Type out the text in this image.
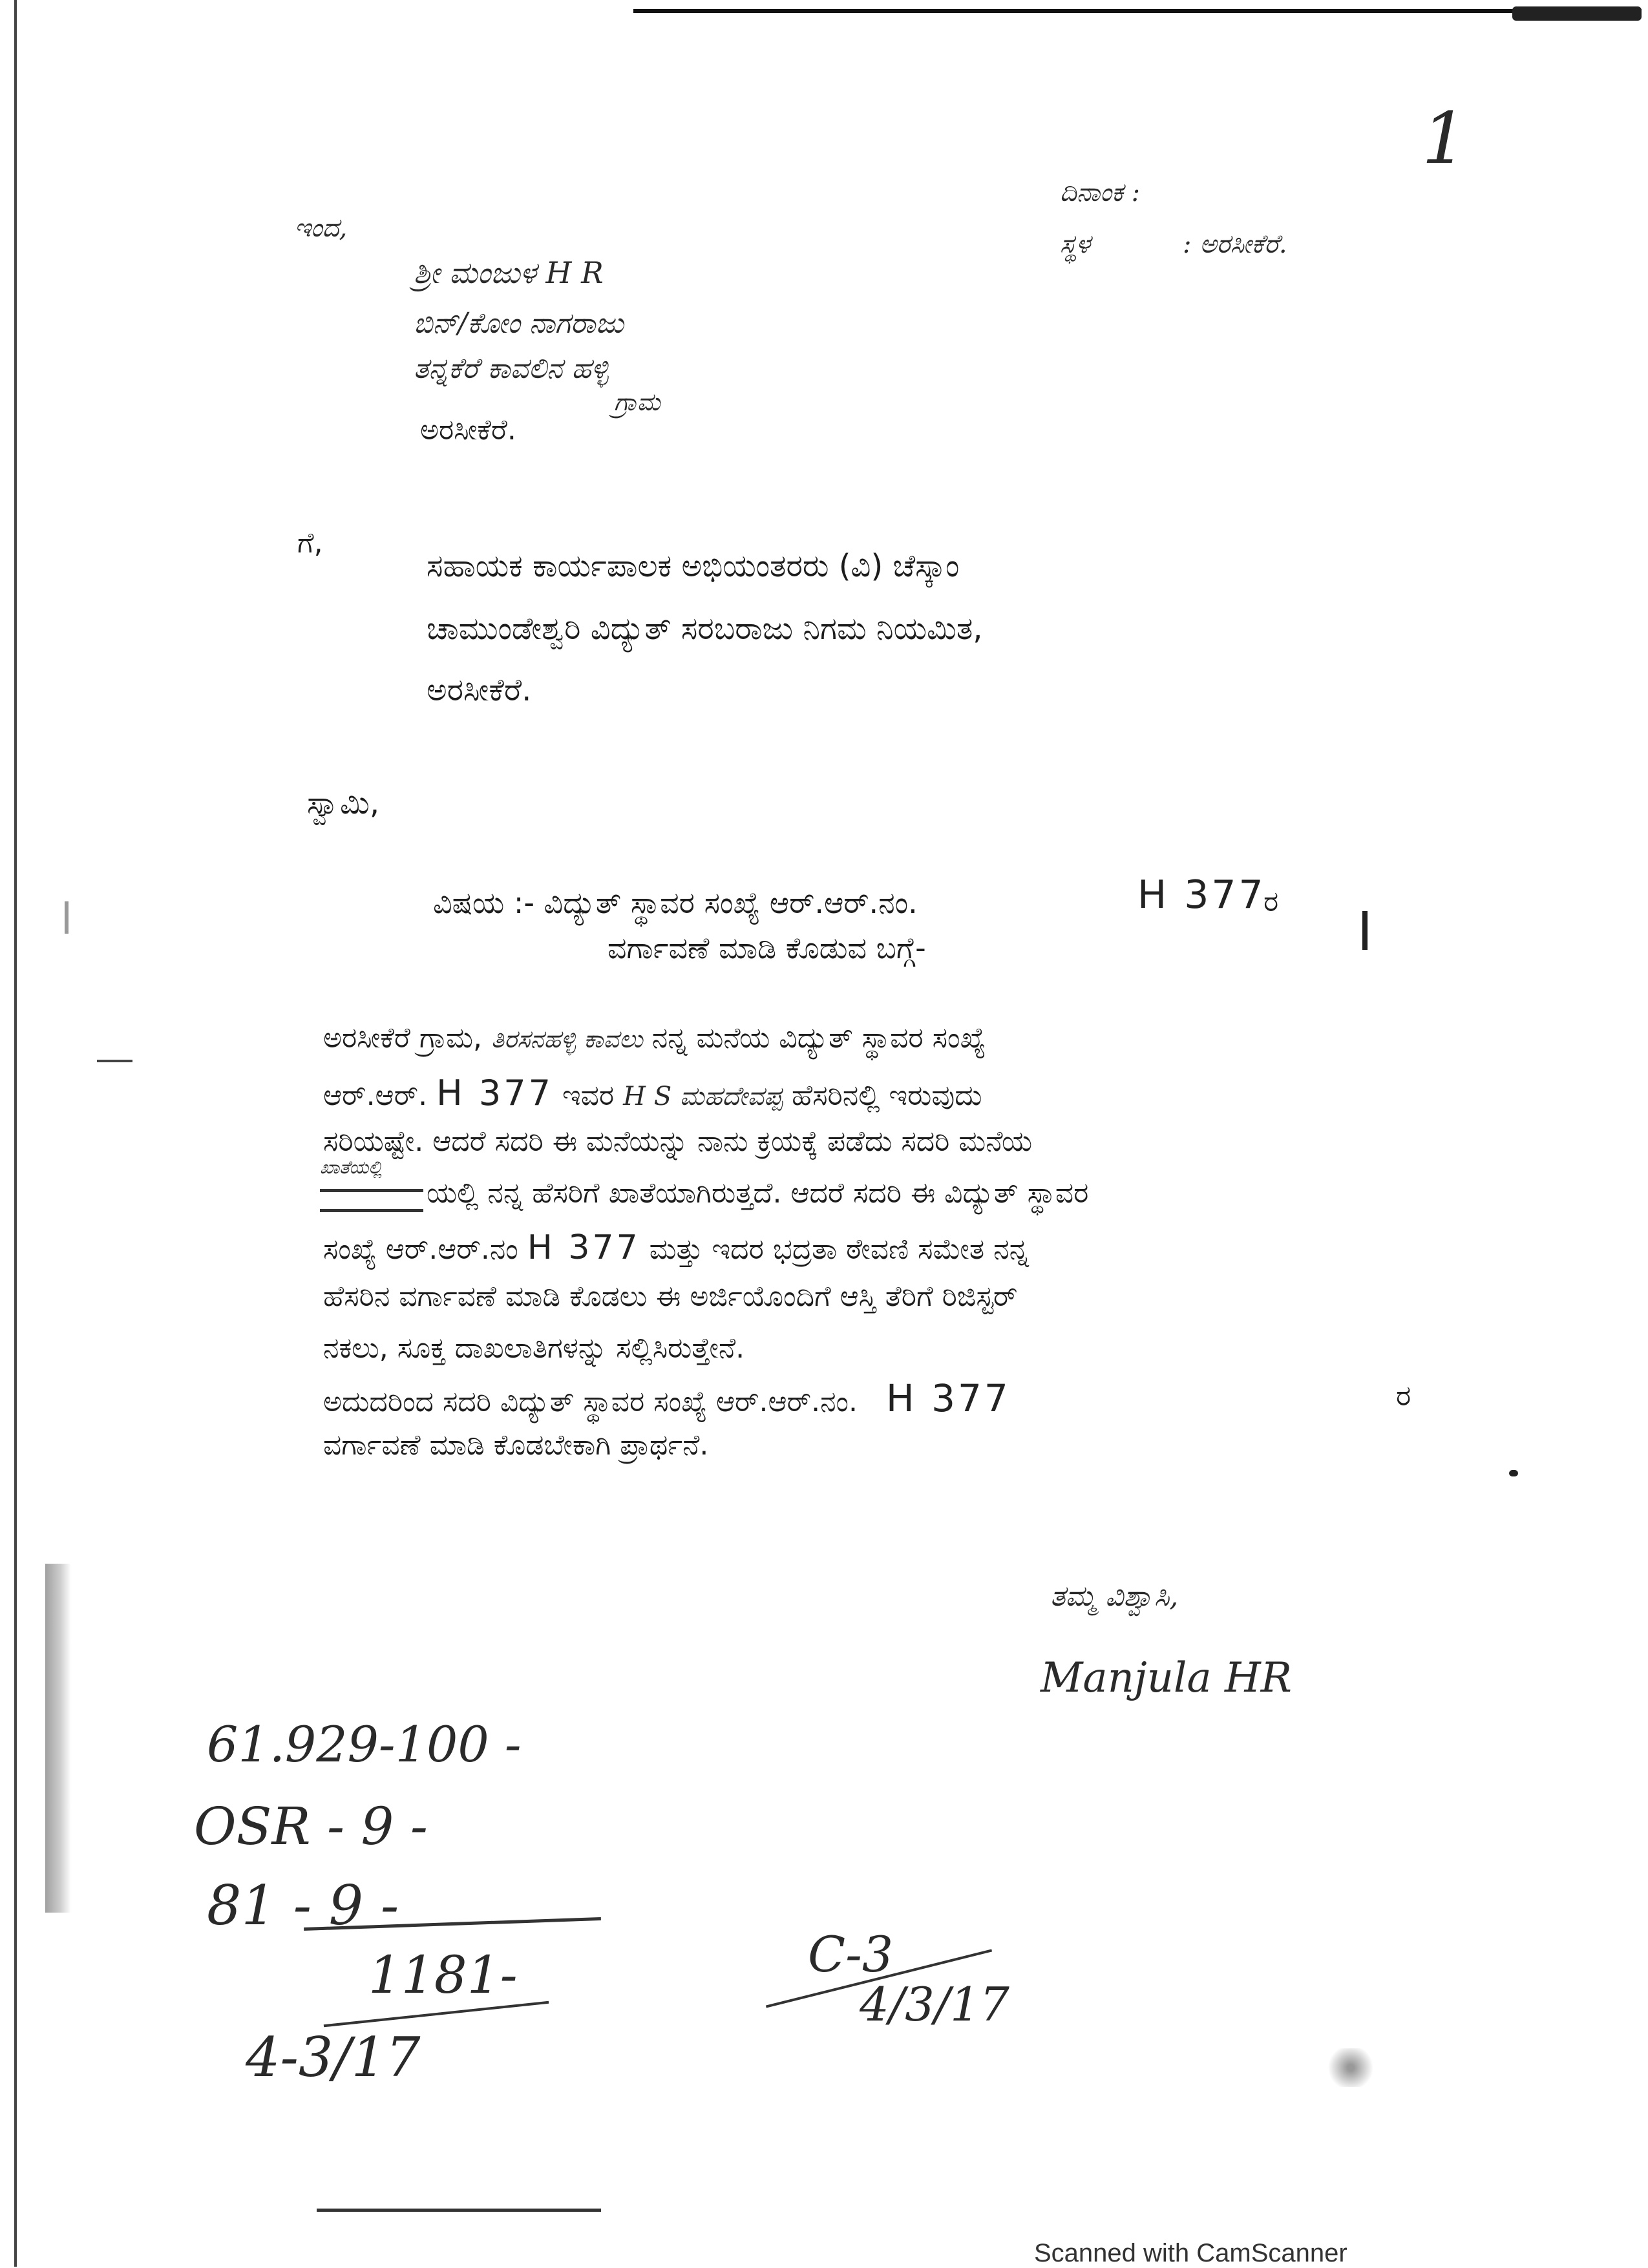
1
ದಿನಾಂಕ :
ಸ್ಥಳ	: ಅರಸೀಕೆರೆ.
ಇಂದ,
ಶ್ರೀ ಮಂಜುಳ H R
ಬಿನ್/ಕೋಂ ನಾಗರಾಜು
ತನ್ನಕೆರೆ ಕಾವಲಿನ ಹಳ್ಳಿ
ಗ್ರಾಮ
ಅರಸೀಕೆರೆ.
ಗೆ,
ಸಹಾಯಕ ಕಾರ್ಯಪಾಲಕ ಅಭಿಯಂತರರು (ವಿ) ಚೆಸ್ಕಾಂ
ಚಾಮುಂಡೇಶ್ವರಿ ವಿದ್ಯುತ್ ಸರಬರಾಜು ನಿಗಮ ನಿಯಮಿತ,
ಅರಸೀಕೆರೆ.
ಸ್ವಾಮಿ,
ವಿಷಯ :- ವಿದ್ಯುತ್ ಸ್ಥಾವರ ಸಂಖ್ಯೆ ಆರ್.ಆರ್.ನಂ.	H 377
ರ
ವರ್ಗಾವಣೆ ಮಾಡಿ ಕೊಡುವ ಬಗ್ಗೆ-
ಅರಸೀಕೆರೆ ಗ್ರಾಮ, ತಿರಸನಹಳ್ಳಿ ಕಾವಲು ನನ್ನ ಮನೆಯ ವಿದ್ಯುತ್ ಸ್ಥಾವರ ಸಂಖ್ಯೆ
ಆರ್.ಆರ್. H 377 ಇವರ H S ಮಹದೇವಪ್ಪ ಹೆಸರಿನಲ್ಲಿ ಇರುವುದು
ಸರಿಯಷ್ಟೇ. ಆದರೆ ಸದರಿ ಈ ಮನೆಯನ್ನು ನಾನು ಕ್ರಯಕ್ಕೆ ಪಡೆದು ಸದರಿ ಮನೆಯ
ಖಾತೆಯಲ್ಲಿ
ಯಲ್ಲಿ ನನ್ನ ಹೆಸರಿಗೆ ಖಾತೆಯಾಗಿರುತ್ತದೆ. ಆದರೆ ಸದರಿ ಈ ವಿದ್ಯುತ್ ಸ್ಥಾವರ
ಸಂಖ್ಯೆ ಆರ್.ಆರ್.ನಂ H 377 ಮತ್ತು ಇದರ ಭದ್ರತಾ ಠೇವಣಿ ಸಮೇತ ನನ್ನ
ಹೆಸರಿನ ವರ್ಗಾವಣೆ ಮಾಡಿ ಕೊಡಲು ಈ ಅರ್ಜಿಯೊಂದಿಗೆ ಆಸ್ತಿ ತೆರಿಗೆ ರಿಜಿಸ್ಟರ್
ನಕಲು, ಸೂಕ್ತ ದಾಖಲಾತಿಗಳನ್ನು ಸಲ್ಲಿಸಿರುತ್ತೇನೆ.
ಅದುದರಿಂದ ಸದರಿ ವಿದ್ಯುತ್ ಸ್ಥಾವರ ಸಂಖ್ಯೆ ಆರ್.ಆರ್.ನಂ. H 377	ರ
ವರ್ಗಾವಣೆ ಮಾಡಿ ಕೊಡಬೇಕಾಗಿ ಪ್ರಾರ್ಥನೆ.
ತಮ್ಮ ವಿಶ್ವಾಸಿ,
Manjula HR
61.929-100 -
OSR - 9 -
81 - 9 -
1181-
4-3/17
C-3
4/3/17
Scanned with CamScanner
